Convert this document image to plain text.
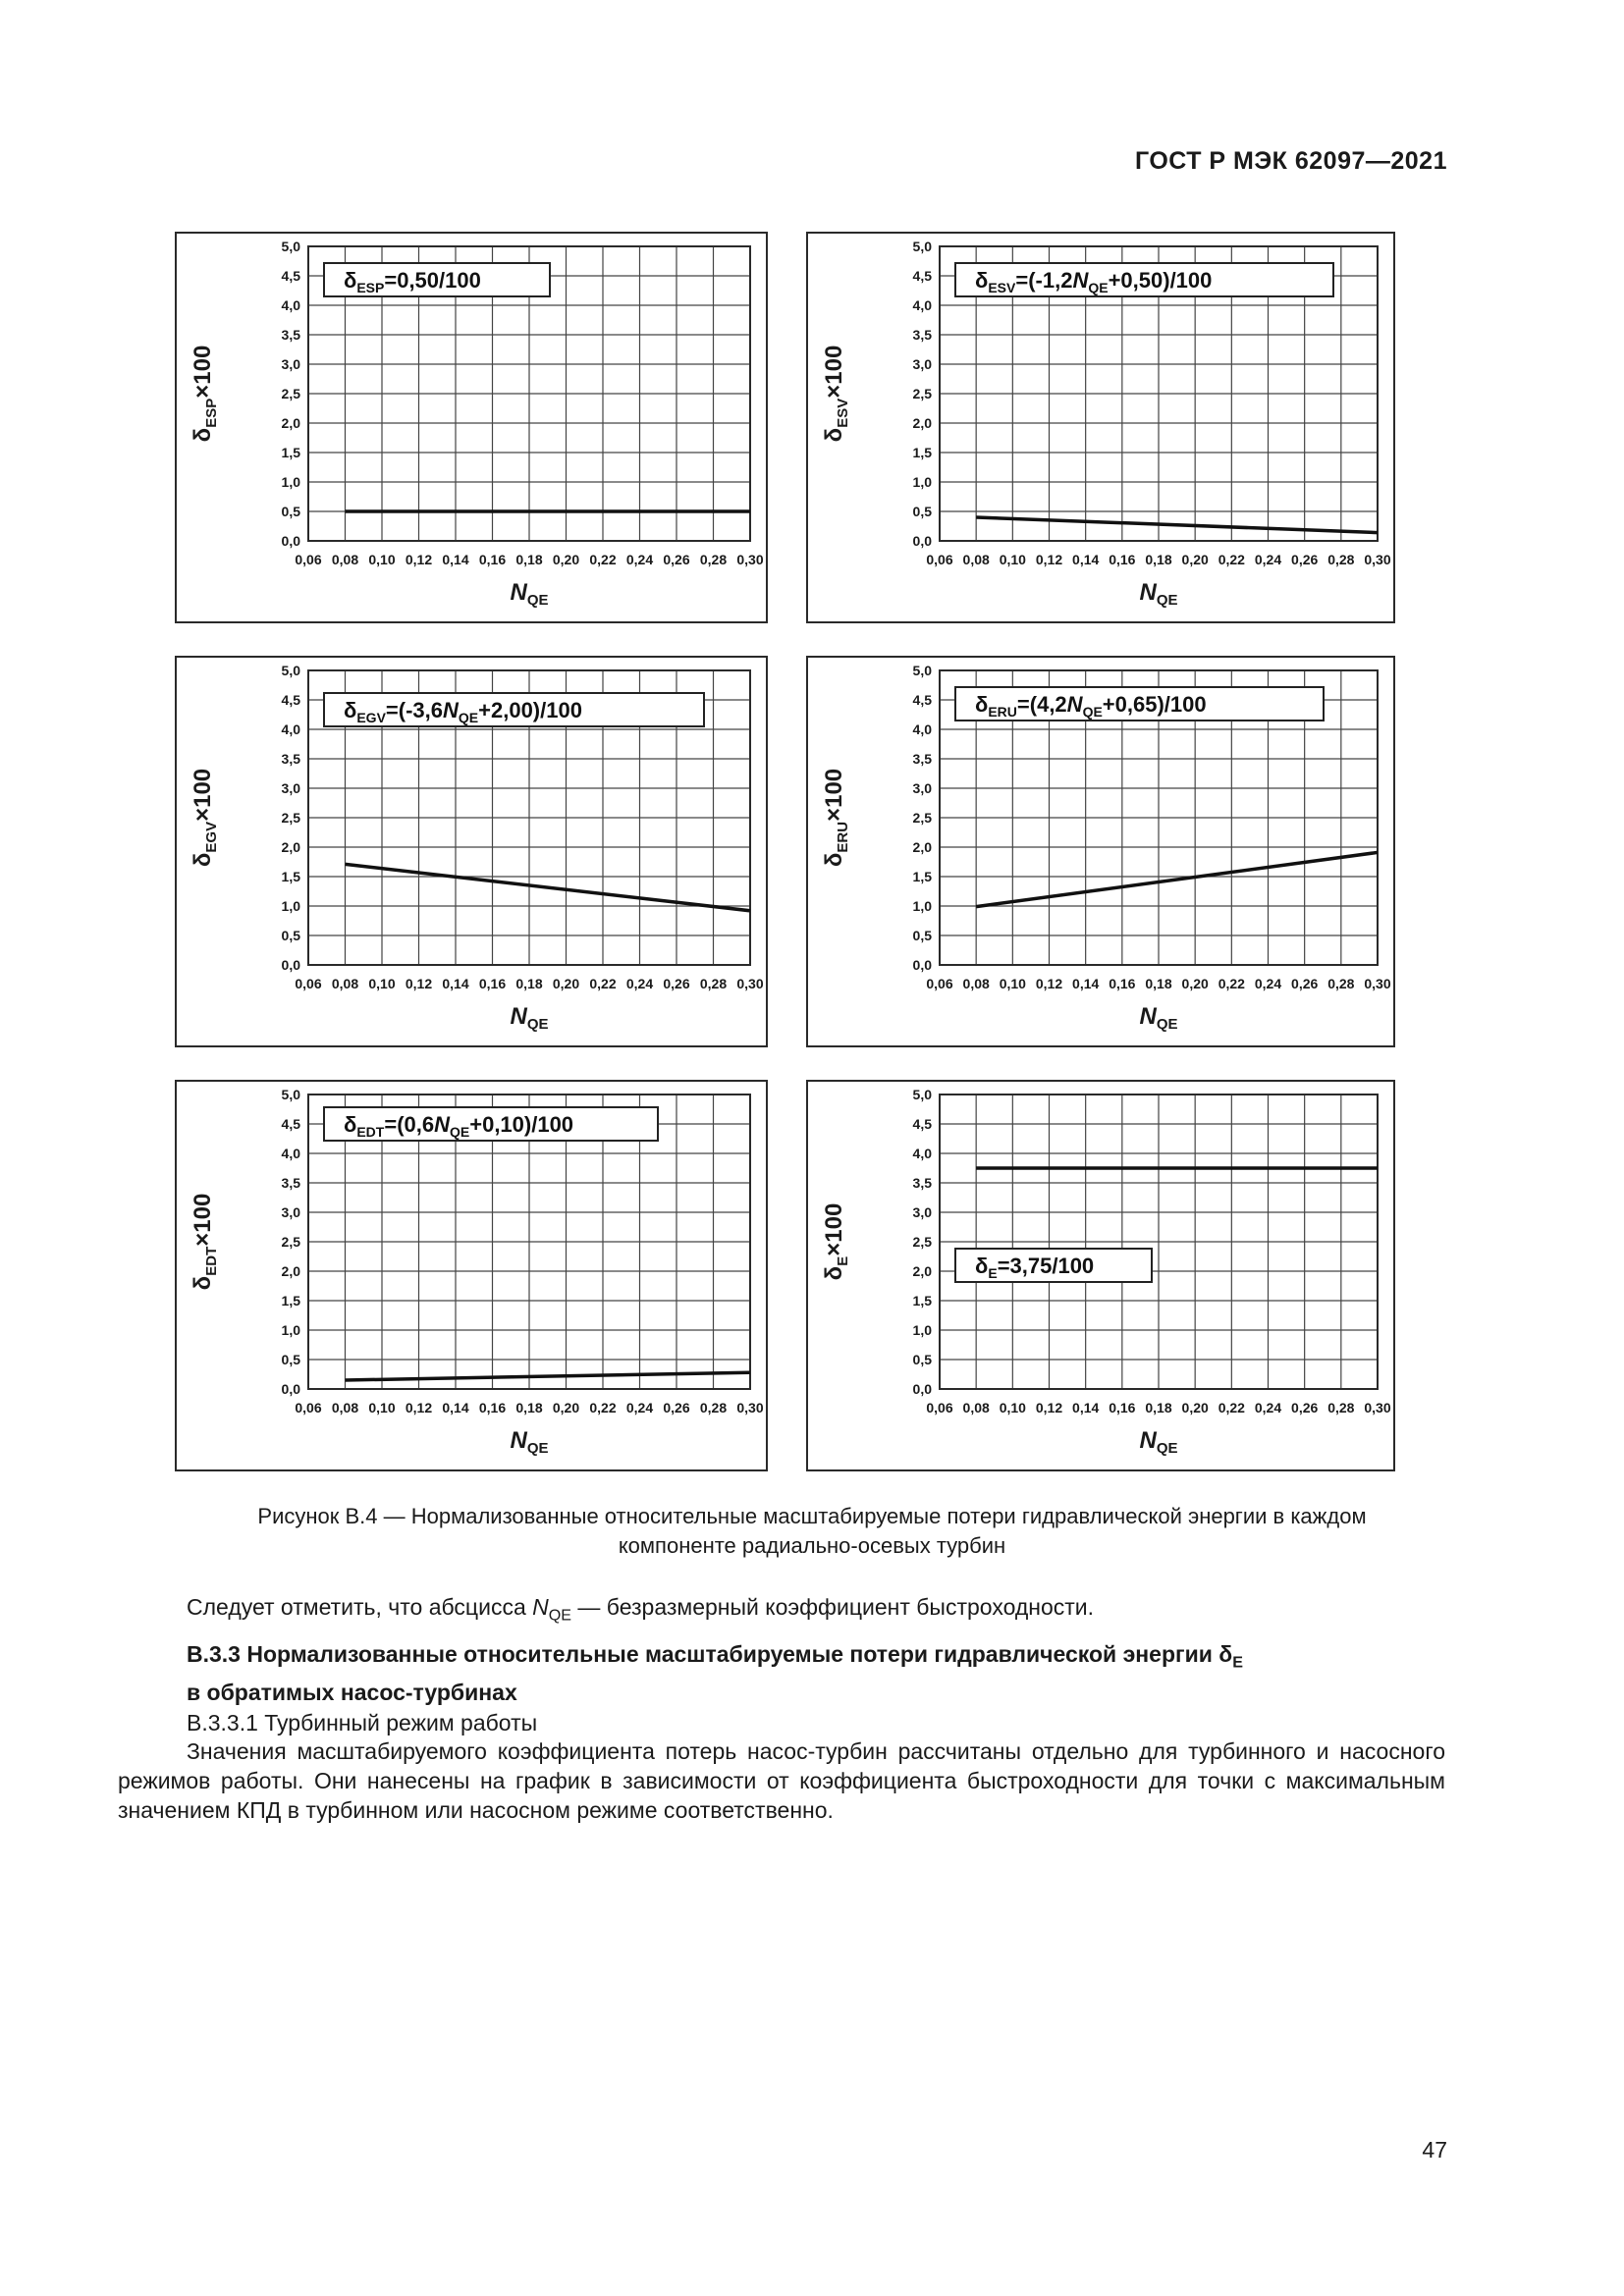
ГОСТ Р МЭК 62097—2021
0,06 0,08 0,10 0,12 0,14 0,16 0,18 0,20 0,22 0,24 0,26 0,28 0,30
0,0
0,5
1,0
1,5
2,0
2,5
3,0
3,5
4,0
4,5
5,0
$N_{QE}$
$\delta_{ESP}\times 100$
$\delta_{ESP}=0,50/100$
0,06 0,08 0,10 0,12 0,14 0,16 0,18 0,20 0,22 0,24 0,26 0,28 0,30
0,0
0,5
1,0
1,5
2,0
2,5
3,0
3,5
4,0
4,5
5,0
$N_{QE}$
$\delta_{ESV}\times 100$
$\delta_{ESV}=(-1,2N_{QE}+0,50)/100$
0,06 0,08 0,10 0,12 0,14 0,16 0,18 0,20 0,22 0,24 0,26 0,28 0,30
0,0
0,5
1,0
1,5
2,0
2,5
3,0
3,5
4,0
4,5
5,0
$N_{QE}$
$\delta_{EGV}\times 100$
$\delta_{EGV}=(-3,6N_{QE}+2,00)/100$
0,06 0,08 0,10 0,12 0,14 0,16 0,18 0,20 0,22 0,24 0,26 0,28 0,30
0,0
0,5
1,0
1,5
2,0
2,5
3,0
3,5
4,0
4,5
5,0
$N_{QE}$
$\delta_{ERU}\times 100$
$\delta_{ERU}=(4,2N_{QE}+0,65)/100$
0,06 0,08 0,10 0,12 0,14 0,16 0,18 0,20 0,22 0,24 0,26 0,28 0,30
0,0
0,5
1,0
1,5
2,0
2,5
3,0
3,5
4,0
4,5
5,0
$N_{QE}$
$\delta_{EDT}\times 100$
$\delta_{EDT}=(0,6N_{QE}+0,10)/100$
0,06 0,08 0,10 0,12 0,14 0,16 0,18 0,20 0,22 0,24 0,26 0,28 0,30
0,0
0,5
1,0
1,5
2,0
2,5
3,0
3,5
4,0
4,5
5,0
$N_{QE}$
$\delta_E\times 100$
$\delta_E=3,75/100$
Рисунок В.4 — Нормализованные относительные масштабируемые потери гидравлической энергии в каждом
компоненте радиально-осевых турбин
Следует отметить, что абсцисса $N_{QE}$ — безразмерный коэффициент быстроходности.
В.3.3 Нормализованные относительные масштабируемые потери гидравлической энергии $\delta_E$
в обратимых насос-турбинах
В.3.3.1 Турбинный режим работы
Значения масштабируемого коэффициента потерь насос-турбин рассчитаны отдельно для турбинного и насосного режимов работы. Они нанесены на график в зависимости от коэффициента быстроходности для точки с максимальным значением КПД в турбинном или насосном режиме соответственно.
47
